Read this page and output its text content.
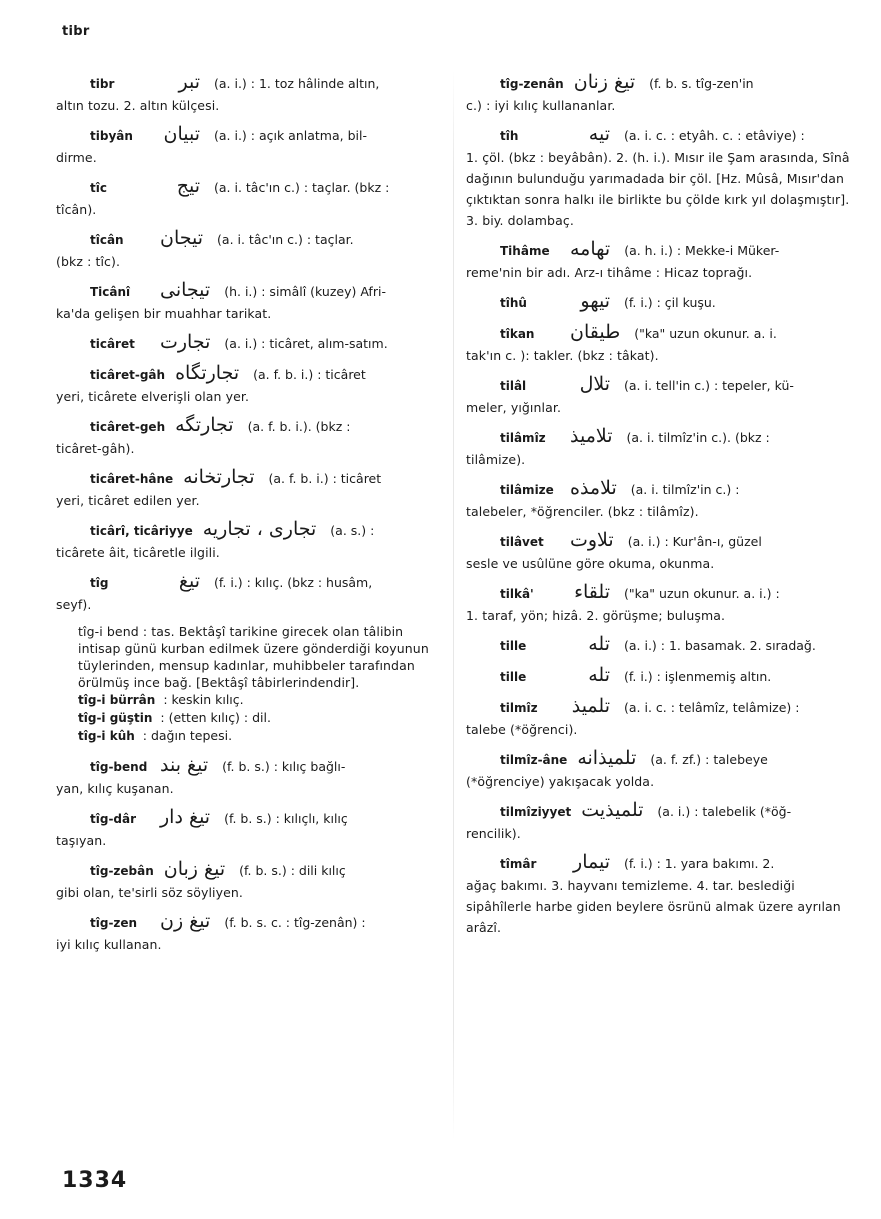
tibr
tibr	تبر (a. i.) : 1. toz hâlinde altın,
altın tozu. 2. altın külçesi.
tibyân	تبيان (a. i.) : açık anlatma, bil-
dirme.
tîc	تيج (a. i. tâc'ın c.) : taçlar. (bkz :
tîcân).
tîcân	تيجان (a. i. tâc'ın c.) : taçlar.
(bkz : tîc).
Ticânî	تيجانى (h. i.) : simâlî (kuzey) Afri-
ka'da gelişen bir muahhar tarikat.
ticâret	تجارت (a. i.) : ticâret, alım-satım.
ticâret-gâh تجارتگاه (a. f. b. i.) : ticâret
yeri, ticârete elverişli olan yer.
ticâret-geh تجارتگه (a. f. b. i.). (bkz :
ticâret-gâh).
ticâret-hâne تجارتخانه (a. f. b. i.) : ticâret
yeri, ticâret edilen yer.
ticârî, ticâriyye تجارى ، تجاريه (a. s.) :
ticârete âit, ticâretle ilgili.
tîg	تيغ (f. i.) : kılıç. (bkz : husâm,
seyf).
tîg-i bend : tas. Bektâşî tarikine girecek olan tâlibin intisap günü kurban edilmek üzere gönderdiği koyunun tüylerinden, mensup kadınlar, muhibbeler tarafından örülmüş ince bağ. [Bektâşî tâbirlerindendir].
tîg-i bürrân : keskin kılıç.
tîg-i güştin : (etten kılıç) : dil.
tîg-i kûh : dağın tepesi.
tîg-bend تيغ بند (f. b. s.) : kılıç bağlı-
yan, kılıç kuşanan.
tîg-dâr	تيغ دار (f. b. s.) : kılıçlı, kılıç
taşıyan.
tîg-zebân تيغ زبان (f. b. s.) : dili kılıç
gibi olan, te'sirli söz söyliyen.
tîg-zen	تيغ زن (f. b. s. c. : tîg-zenân) :
iyi kılıç kullanan.
tîg-zenân تيغ زنان (f. b. s. tîg-zen'in
c.) : iyi kılıç kullananlar.
tîh	تيه (a. i. c. : etyâh. c. : etâviye) :
1. çöl. (bkz : beyâbân). 2. (h. i.). Mısır ile Şam arasında, Sînâ dağının bulunduğu yarımadada bir çöl. [Hz. Mûsâ, Mısır'dan çıktıktan sonra halkı ile birlikte bu çölde kırk yıl dolaşmıştır]. 3. biy. dolambaç.
Tihâme	تهامه (a. h. i.) : Mekke-i Müker-
reme'nin bir adı. Arz-ı tihâme : Hicaz toprağı.
tîhû	تيهو (f. i.) : çil kuşu.
tîkan	طيقان ("ka" uzun okunur. a. i.
tak'ın c. ): takler. (bkz : tâkat).
tilâl	تلال (a. i. tell'in c.) : tepeler, kü-
meler, yığınlar.
tilâmîz	تلاميذ (a. i. tilmîz'in c.). (bkz :
tilâmize).
tilâmize تلامذه (a. i. tilmîz'in c.) :
talebeler, *öğrenciler. (bkz : tilâmîz).
tilâvet	تلاوت (a. i.) : Kur'ân-ı, güzel
sesle ve usûlüne göre okuma, okunma.
tilkâ'	تلقاء ("ka" uzun okunur. a. i.) :
1. taraf, yön; hizâ. 2. görüşme; buluşma.
tille	تله (a. i.) : 1. basamak. 2. sıradağ.
tille	تله (f. i.) : işlenmemiş altın.
tilmîz	تلميذ (a. i. c. : telâmîz, telâmize) :
talebe (*öğrenci).
tilmîz-âne تلميذانه (a. f. zf.) : talebeye
(*öğrenciye) yakışacak yolda.
tilmîziyyet تلميذيت (a. i.) : talebelik (*öğ-
rencilik).
tîmâr	تيمار (f. i.) : 1. yara bakımı. 2.
ağaç bakımı. 3. hayvanı temizleme. 4. tar. beslediği sipâhîlerle harbe giden beylere ösrünü almak üzere ayrılan arâzî.
1334
